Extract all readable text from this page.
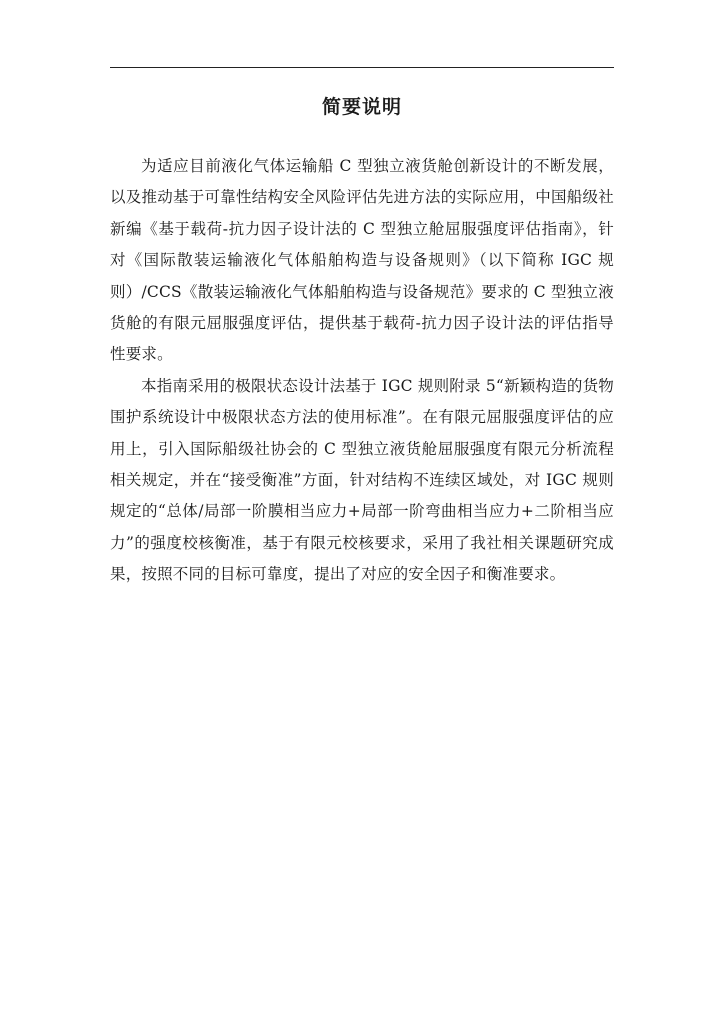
简要说明

为适应目前液化气体运输船 C 型独立液货舱创新设计的不断发展，以及推动基于可靠性结构安全风险评估先进方法的实际应用，中国船级社新编《基于载荷-抗力因子设计法的 C 型独立舱屈服强度评估指南》，针对《国际散装运输液化气体船舶构造与设备规则》（以下简称 IGC 规则）/CCS《散装运输液化气体船舶构造与设备规范》要求的 C 型独立液货舱的有限元屈服强度评估，提供基于载荷-抗力因子设计法的评估指导性要求。

本指南采用的极限状态设计法基于 IGC 规则附录 5“新颖构造的货物围护系统设计中极限状态方法的使用标准”。在有限元屈服强度评估的应用上，引入国际船级社协会的 C 型独立液货舱屈服强度有限元分析流程相关规定，并在“接受衡准”方面，针对结构不连续区域处，对 IGC 规则规定的“总体/局部一阶膜相当应力+局部一阶弯曲相当应力+二阶相当应力”的强度校核衡准，基于有限元校核要求，采用了我社相关课题研究成果，按照不同的目标可靠度，提出了对应的安全因子和衡准要求。
